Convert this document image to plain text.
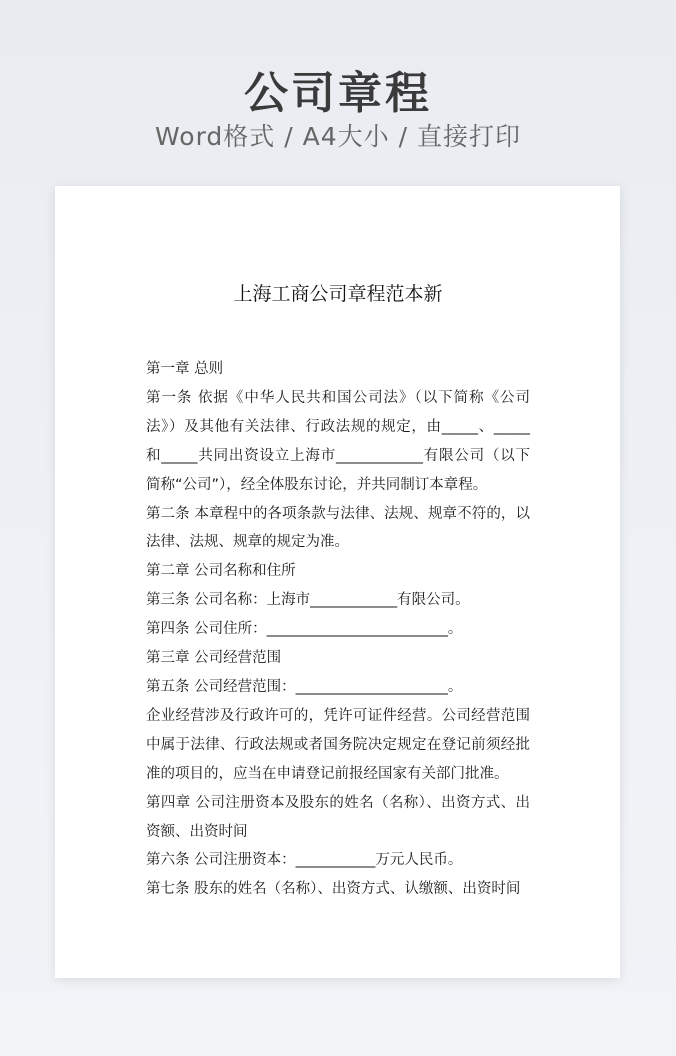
公司章程
Word格式 / A4大小 / 直接打印
上海工商公司章程范本新

第一章 总则

第一条 依据《中华人民共和国公司法》（以下简称《公司法》）及其他有关法律、行政法规的规定，由_____、_____和_____共同出资设立上海市____________有限公司（以下简称“公司”），经全体股东讨论，并共同制订本章程。

第二条 本章程中的各项条款与法律、法规、规章不符的，以法律、法规、规章的规定为准。

第二章 公司名称和住所

第三条 公司名称：上海市____________有限公司。

第四条 公司住所：_________________________。

第三章 公司经营范围

第五条 公司经营范围：_____________________。

企业经营涉及行政许可的，凭许可证件经营。公司经营范围中属于法律、行政法规或者国务院决定规定在登记前须经批准的项目的，应当在申请登记前报经国家有关部门批准。

第四章 公司注册资本及股东的姓名（名称）、出资方式、出资额、出资时间

第六条 公司注册资本：___________万元人民币。

第七条 股东的姓名（名称）、出资方式、认缴额、出资时间
